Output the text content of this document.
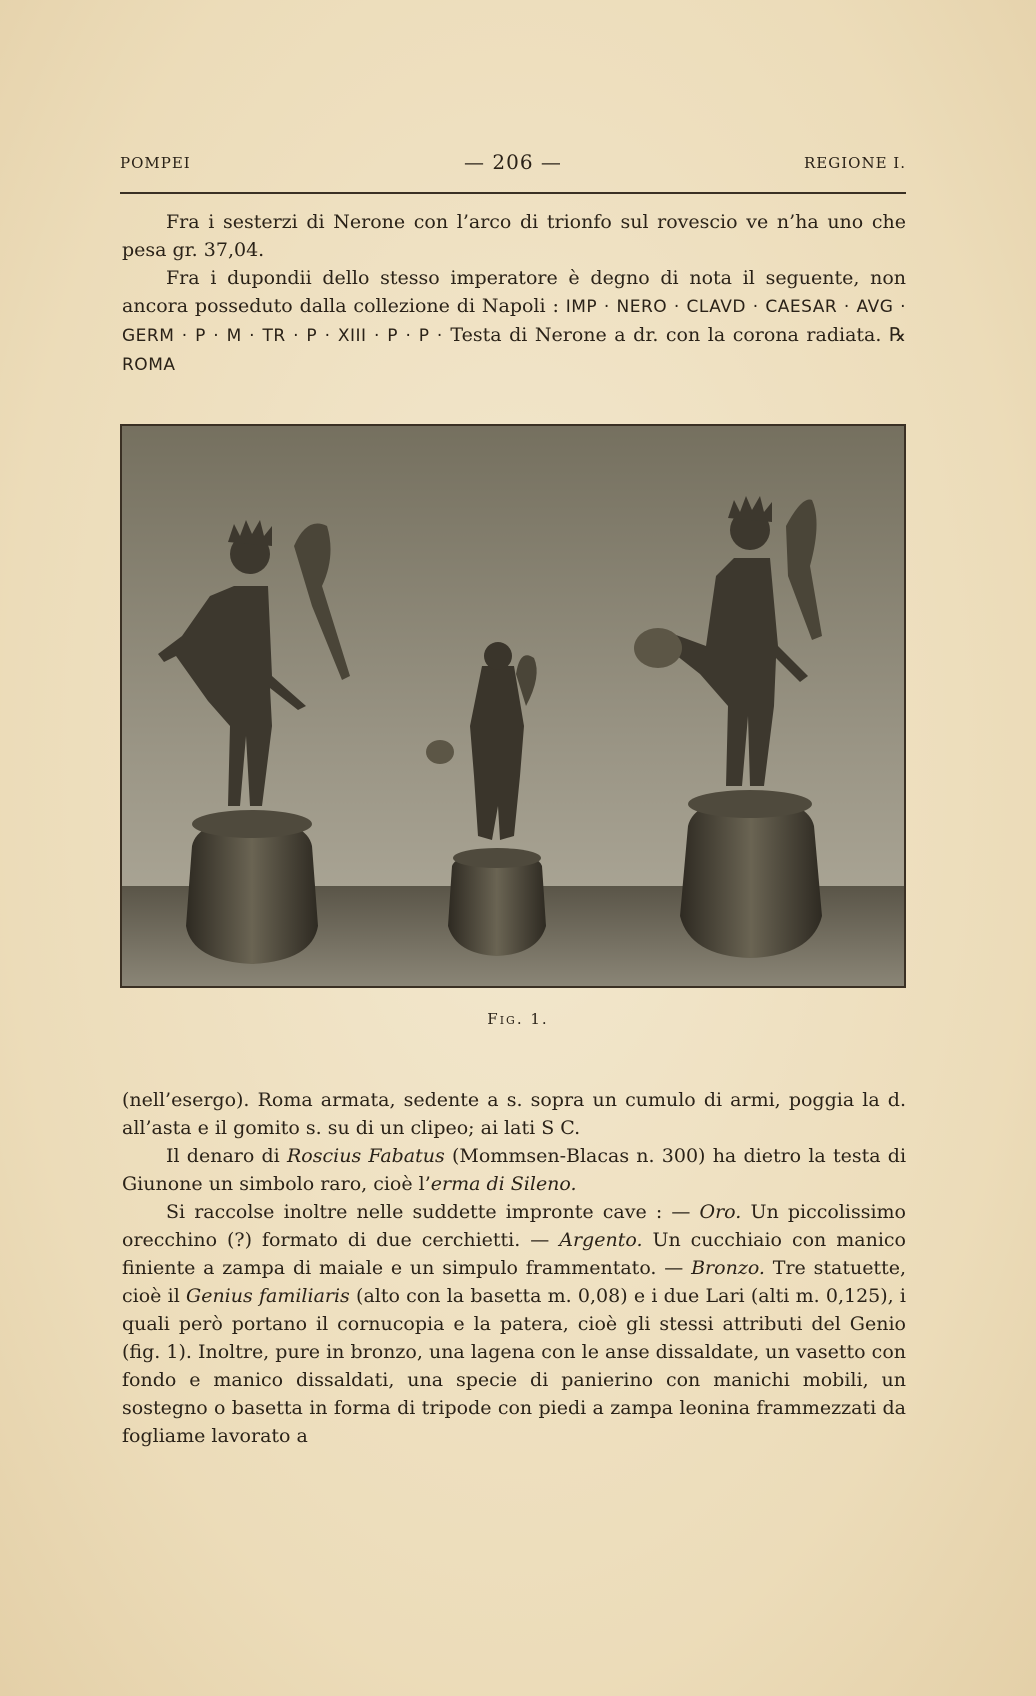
POMPEI	— 206 —	REGIONE I.

Fra i sesterzi di Nerone con l’arco di trionfo sul rovescio ve n’ha uno che pesa gr. 37,04.

Fra i dupondii dello stesso imperatore è degno di nota il seguente, non ancora posseduto dalla collezione di Napoli : IMP · NERO · CLAVD · CAESAR · AVG · GERM · P · M · TR · P · XIII · P · P · Testa di Nerone a dr. con la corona radiata. ℞ ROMA

Fig. 1.

(nell’esergo). Roma armata, sedente a s. sopra un cumulo di armi, poggia la d. all’asta e il gomito s. su di un clipeo; ai lati S C.

Il denaro di Roscius Fabatus (Mommsen-Blacas n. 300) ha dietro la testa di Giunone un simbolo raro, cioè l’erma di Sileno.

Si raccolse inoltre nelle suddette impronte cave : — Oro. Un piccolissimo orecchino (?) formato di due cerchietti. — Argento. Un cucchiaio con manico finiente a zampa di maiale e un simpulo frammentato. — Bronzo. Tre statuette, cioè il Genius familiaris (alto con la basetta m. 0,08) e i due Lari (alti m. 0,125), i quali però portano il cornucopia e la patera, cioè gli stessi attributi del Genio (fig. 1). Inoltre, pure in bronzo, una lagena con le anse dissaldate, un vasetto con fondo e manico dissaldati, una specie di panierino con manichi mobili, un sostegno o basetta in forma di tripode con piedi a zampa leonina frammezzati da fogliame lavorato a
